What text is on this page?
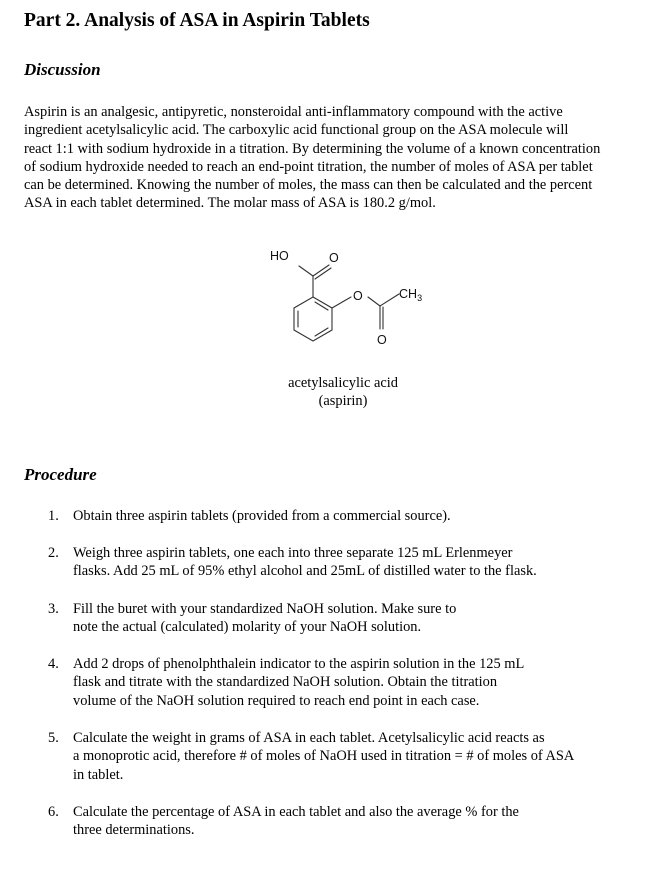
Part 2. Analysis of ASA in Aspirin Tablets
Discussion
Aspirin is an analgesic, antipyretic, nonsteroidal anti-inflammatory compound with the active
ingredient acetylsalicylic acid. The carboxylic acid functional group on the ASA molecule will
react 1:1 with sodium hydroxide in a titration. By determining the volume of a known concentration
of sodium hydroxide needed to reach an end-point titration, the number of moles of ASA per tablet
can be determined. Knowing the number of moles, the mass can then be calculated and the percent
ASA in each tablet determined. The molar mass of ASA is 180.2 g/mol.
HO	O
O	$CH_3$
O
acetylsalicylic acid
(aspirin)
Procedure
1. Obtain three aspirin tablets (provided from a commercial source).
2. Weigh three aspirin tablets, one each into three separate 125 mL Erlenmeyer
flasks. Add 25 mL of 95% ethyl alcohol and 25mL of distilled water to the flask.
3. Fill the buret with your standardized NaOH solution. Make sure to
note the actual (calculated) molarity of your NaOH solution.
4. Add 2 drops of phenolphthalein indicator to the aspirin solution in the 125 mL
flask and titrate with the standardized NaOH solution. Obtain the titration
volume of the NaOH solution required to reach end point in each case.
5. Calculate the weight in grams of ASA in each tablet. Acetylsalicylic acid reacts as
a monoprotic acid, therefore # of moles of NaOH used in titration = # of moles of ASA
in tablet.
6. Calculate the percentage of ASA in each tablet and also the average % for the
three determinations.
